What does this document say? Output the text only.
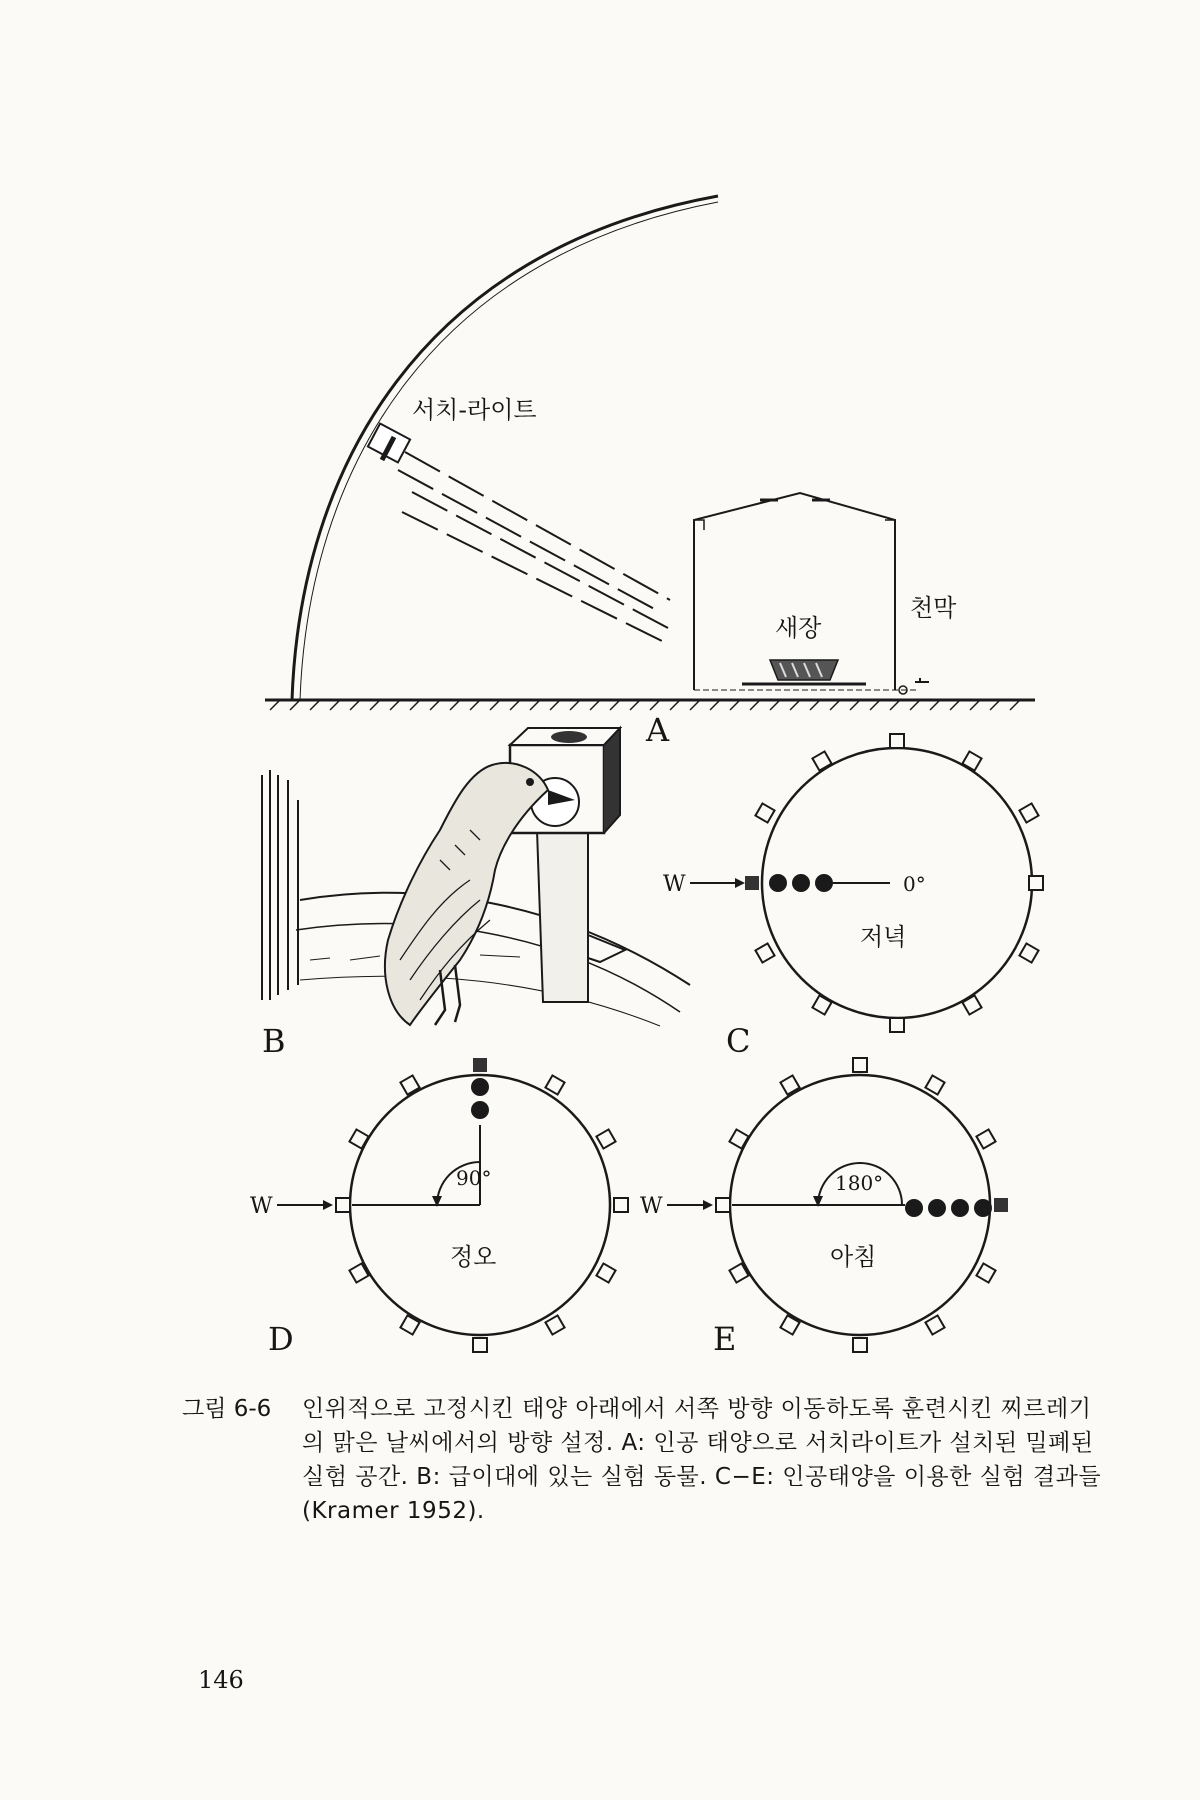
서치-라이트
새장
천막
A
B
W	0°
저녁
C
W
90°
정오
D
W
180°
아침
E
그림 6-6 인위적으로 고정시킨 태양 아래에서 서쪽 방향 이동하도록 훈련시킨 찌르레기의 맑은 날씨에서의 방향 설정. A: 인공 태양으로 서치라이트가 설치된 밀폐된 실험 공간. B: 급이대에 있는 실험 동물. C−E: 인공태양을 이용한 실험 결과들(Kramer 1952).
146
